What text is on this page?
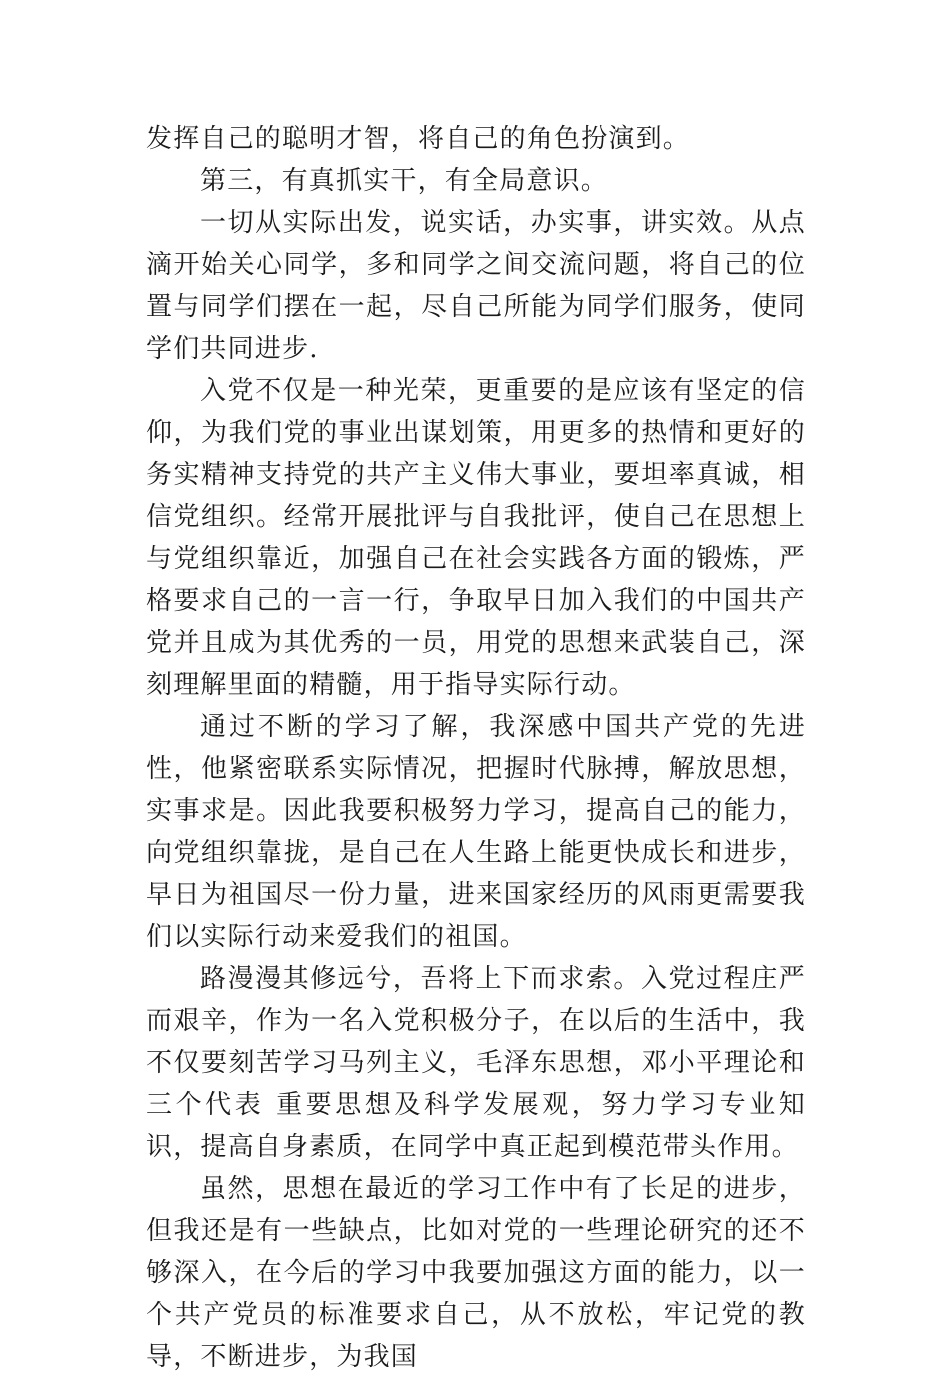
发挥自己的聪明才智，将自己的角色扮演到。

第三，有真抓实干，有全局意识。

一切从实际出发，说实话，办实事，讲实效。从点滴开始关心同学，多和同学之间交流问题，将自己的位置与同学们摆在一起，尽自己所能为同学们服务，使同学们共同进步.

入党不仅是一种光荣，更重要的是应该有坚定的信仰，为我们党的事业出谋划策，用更多的热情和更好的务实精神支持党的共产主义伟大事业，要坦率真诚，相信党组织。经常开展批评与自我批评，使自己在思想上与党组织靠近，加强自己在社会实践各方面的锻炼，严格要求自己的一言一行，争取早日加入我们的中国共产党并且成为其优秀的一员，用党的思想来武装自己，深刻理解里面的精髓，用于指导实际行动。

通过不断的学习了解，我深感中国共产党的先进性，他紧密联系实际情况，把握时代脉搏，解放思想，实事求是。因此我要积极努力学习，提高自己的能力，向党组织靠拢，是自己在人生路上能更快成长和进步，早日为祖国尽一份力量，进来国家经历的风雨更需要我们以实际行动来爱我们的祖国。

路漫漫其修远兮，吾将上下而求索。入党过程庄严而艰辛，作为一名入党积极分子，在以后的生活中，我不仅要刻苦学习马列主义，毛泽东思想，邓小平理论和 三个代表 重要思想及科学发展观，努力学习专业知识，提高自身素质，在同学中真正起到模范带头作用。

虽然，思想在最近的学习工作中有了长足的进步，但我还是有一些缺点，比如对党的一些理论研究的还不够深入，在今后的学习中我要加强这方面的能力，以一个共产党员的标准要求自己，从不放松，牢记党的教导，不断进步，为我国
